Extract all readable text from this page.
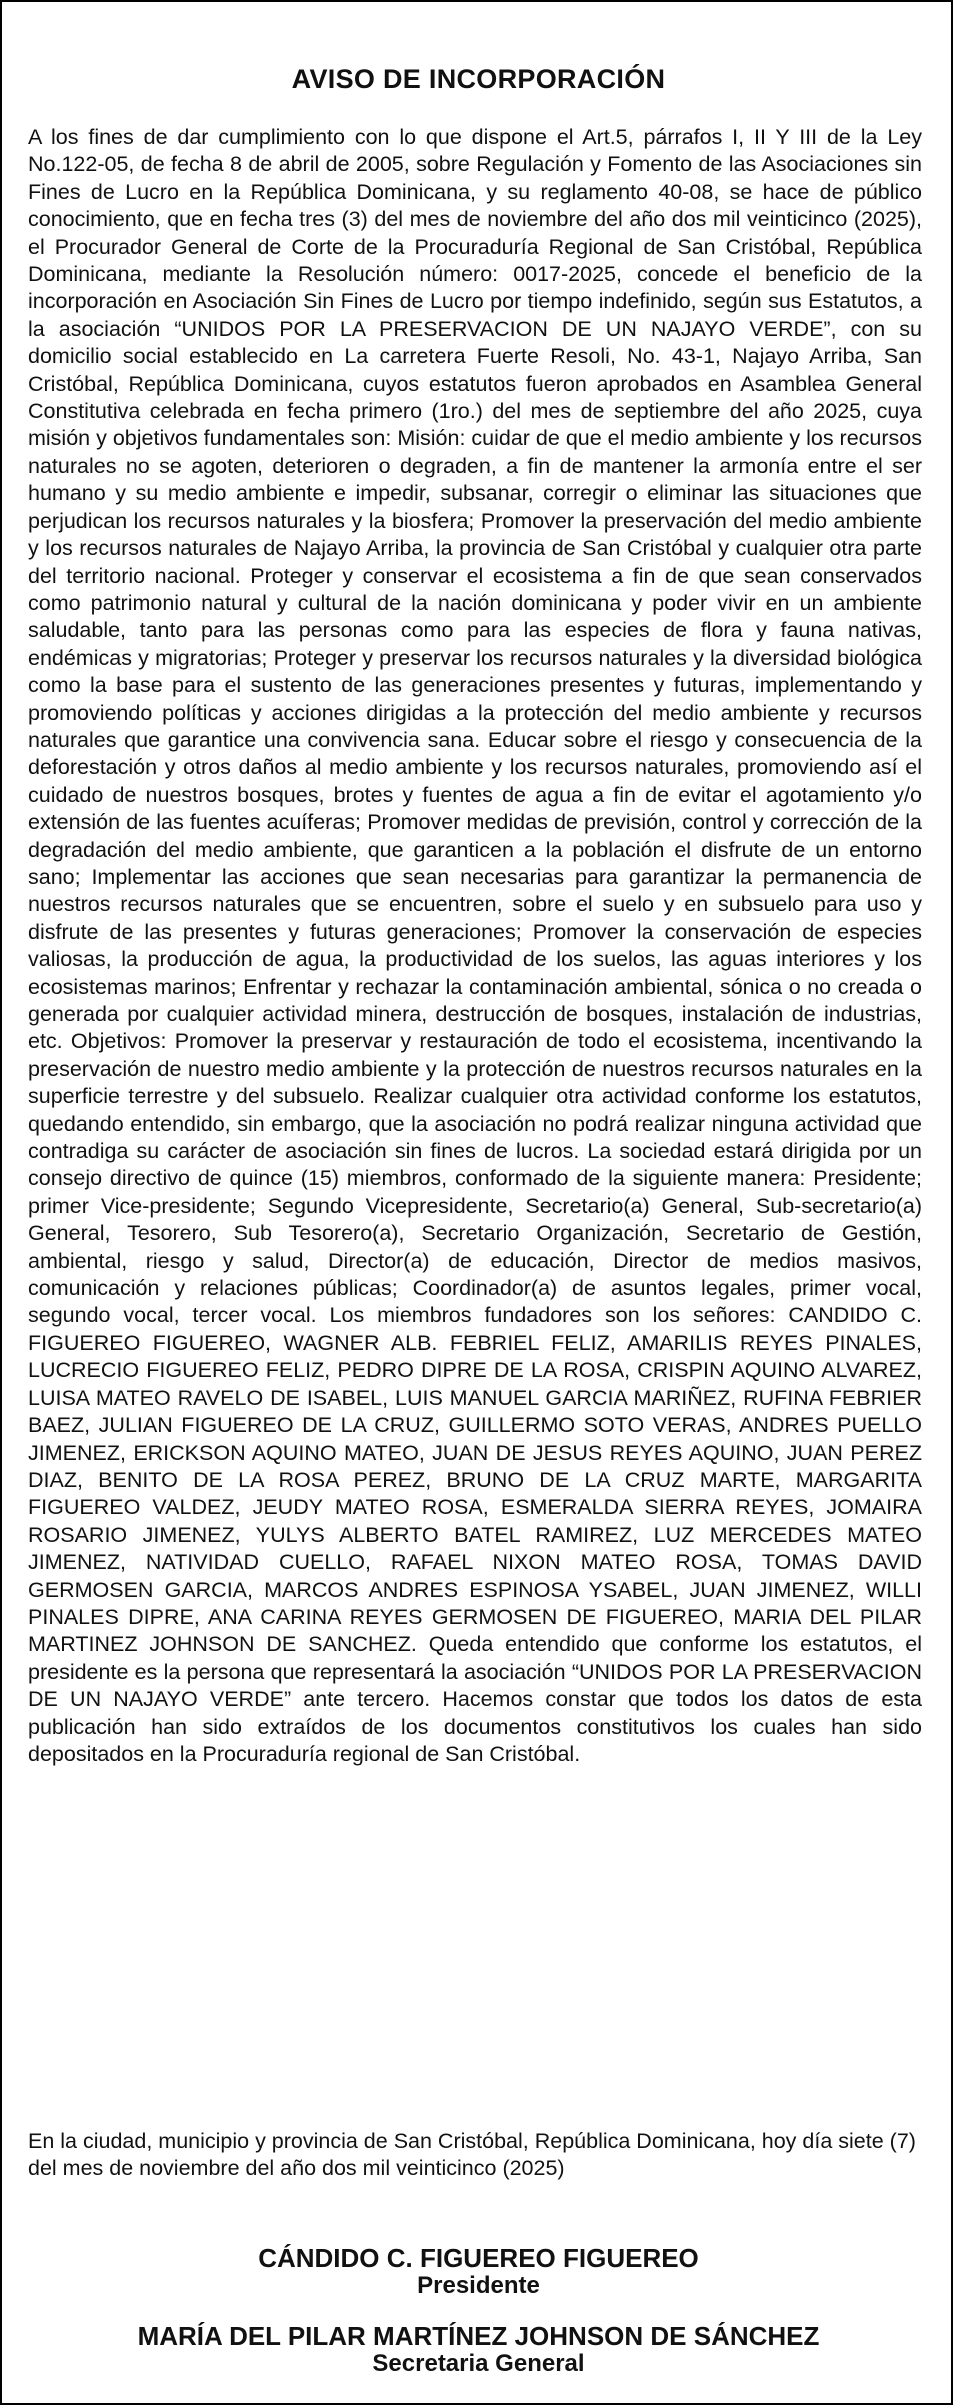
AVISO DE INCORPORACIÓN

A los fines de dar cumplimiento con lo que dispone el Art.5, párrafos I, II Y III de la Ley No.122-05, de fecha 8 de abril de 2005, sobre Regulación y Fomento de las Asociaciones sin Fines de Lucro en la República Dominicana, y su reglamento 40-08, se hace de público conocimiento, que en fecha tres (3) del mes de noviembre del año dos mil veinticinco (2025), el Procurador General de Corte de la Procuraduría Regional de San Cristóbal, República Dominicana, mediante la Resolución número: 0017-2025, concede el beneficio de la incorporación en Asociación Sin Fines de Lucro por tiempo indefinido, según sus Estatutos, a la asociación “UNIDOS POR LA PRESERVACION DE UN NAJAYO VERDE”, con su domicilio social establecido en La carretera Fuerte Resoli, No. 43-1, Najayo Arriba, San Cristóbal, República Dominicana, cuyos estatutos fueron aprobados en Asamblea General Constitutiva celebrada en fecha primero (1ro.) del mes de septiembre del año 2025, cuya misión y objetivos fundamentales son: Misión: cuidar de que el medio ambiente y los recursos naturales no se agoten, deterioren o degraden, a fin de mantener la armonía entre el ser humano y su medio ambiente e impedir, subsanar, corregir o eliminar las situaciones que perjudican los recursos naturales y la biosfera; Promover la preservación del medio ambiente y los recursos naturales de Najayo Arriba, la provincia de San Cristóbal y cualquier otra parte del territorio nacional. Proteger y conservar el ecosistema a fin de que sean conservados como patrimonio natural y cultural de la nación dominicana y poder vivir en un ambiente saludable, tanto para las personas como para las especies de flora y fauna nativas, endémicas y migratorias; Proteger y preservar los recursos naturales y la diversidad biológica como la base para el sustento de las generaciones presentes y futuras, implementando y promoviendo políticas y acciones dirigidas a la protección del medio ambiente y recursos naturales que garantice una convivencia sana. Educar sobre el riesgo y consecuencia de la deforestación y otros daños al medio ambiente y los recursos naturales, promoviendo así el cuidado de nuestros bosques, brotes y fuentes de agua a fin de evitar el agotamiento y/o extensión de las fuentes acuíferas; Promover medidas de previsión, control y corrección de la degradación del medio ambiente, que garanticen a la población el disfrute de un entorno sano; Implementar las acciones que sean necesarias para garantizar la permanencia de nuestros recursos naturales que se encuentren, sobre el suelo y en subsuelo para uso y disfrute de las presentes y futuras generaciones; Promover la conservación de especies valiosas, la producción de agua, la productividad de los suelos, las aguas interiores y los ecosistemas marinos; Enfrentar y rechazar la contaminación ambiental, sónica o no creada o generada por cualquier actividad minera, destrucción de bosques, instalación de industrias, etc. Objetivos: Promover la preservar y restauración de todo el ecosistema, incentivando la preservación de nuestro medio ambiente y la protección de nuestros recursos naturales en la superficie terrestre y del subsuelo. Realizar cualquier otra actividad conforme los estatutos, quedando entendido, sin embargo, que la asociación no podrá realizar ninguna actividad que contradiga su carácter de asociación sin fines de lucros. La sociedad estará dirigida por un consejo directivo de quince (15) miembros, conformado de la siguiente manera: Presidente; primer Vice-presidente; Segundo Vicepresidente, Secretario(a) General, Sub-secretario(a) General, Tesorero, Sub Tesorero(a), Secretario Organización, Secretario de Gestión, ambiental, riesgo y salud, Director(a) de educación, Director de medios masivos, comunicación y relaciones públicas; Coordinador(a) de asuntos legales, primer vocal, segundo vocal, tercer vocal. Los miembros fundadores son los señores: CANDIDO C. FIGUEREO FIGUEREO, WAGNER ALB. FEBRIEL FELIZ, AMARILIS REYES PINALES, LUCRECIO FIGUEREO FELIZ, PEDRO DIPRE DE LA ROSA, CRISPIN AQUINO ALVAREZ, LUISA MATEO RAVELO DE ISABEL, LUIS MANUEL GARCIA MARIÑEZ, RUFINA FEBRIER BAEZ, JULIAN FIGUEREO DE LA CRUZ, GUILLERMO SOTO VERAS, ANDRES PUELLO JIMENEZ, ERICKSON AQUINO MATEO, JUAN DE JESUS REYES AQUINO, JUAN PEREZ DIAZ, BENITO DE LA ROSA PEREZ, BRUNO DE LA CRUZ MARTE, MARGARITA FIGUEREO VALDEZ, JEUDY MATEO ROSA, ESMERALDA SIERRA REYES, JOMAIRA ROSARIO JIMENEZ, YULYS ALBERTO BATEL RAMIREZ, LUZ MERCEDES MATEO JIMENEZ, NATIVIDAD CUELLO, RAFAEL NIXON MATEO ROSA, TOMAS DAVID GERMOSEN GARCIA, MARCOS ANDRES ESPINOSA YSABEL, JUAN JIMENEZ, WILLI PINALES DIPRE, ANA CARINA REYES GERMOSEN DE FIGUEREO, MARIA DEL PILAR MARTINEZ JOHNSON DE SANCHEZ. Queda entendido que conforme los estatutos, el presidente es la persona que representará la asociación “UNIDOS POR LA PRESERVACION DE UN NAJAYO VERDE” ante tercero. Hacemos constar que todos los datos de esta publicación han sido extraídos de los documentos constitutivos los cuales han sido depositados en la Procuraduría regional de San Cristóbal.

En la ciudad, municipio y provincia de San Cristóbal, República Dominicana, hoy día siete (7) del mes de noviembre del año dos mil veinticinco (2025)

CÁNDIDO C. FIGUEREO FIGUEREO
Presidente
MARÍA DEL PILAR MARTÍNEZ JOHNSON DE SÁNCHEZ
Secretaria General
